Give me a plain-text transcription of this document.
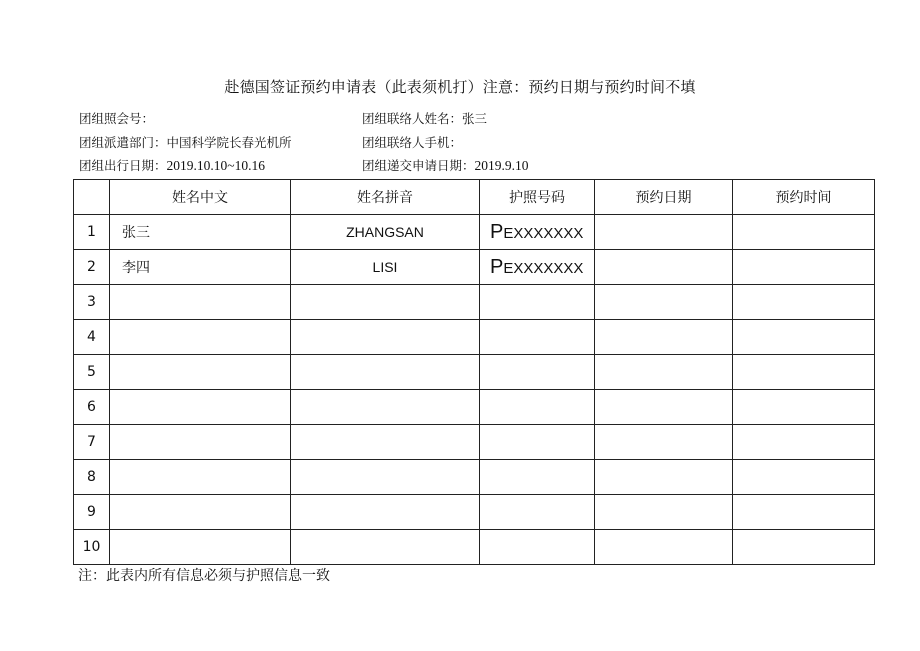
赴德国签证预约申请表（此表须机打）注意：预约日期与预约时间不填
团组照会号：	团组联络人姓名：张三
团组派遣部门：中国科学院长春光机所	团组联络人手机：
团组出行日期：2019.10.10~10.16	团组递交申请日期：2019.9.10
	姓名中文	姓名拼音	护照号码	预约日期	预约时间
1	张三	ZHANGSAN	PEXXXXXXX		
2	李四	LISI	PEXXXXXXX		
3					
4					
5					
6					
7					
8					
9					
10					
注：此表内所有信息必须与护照信息一致
